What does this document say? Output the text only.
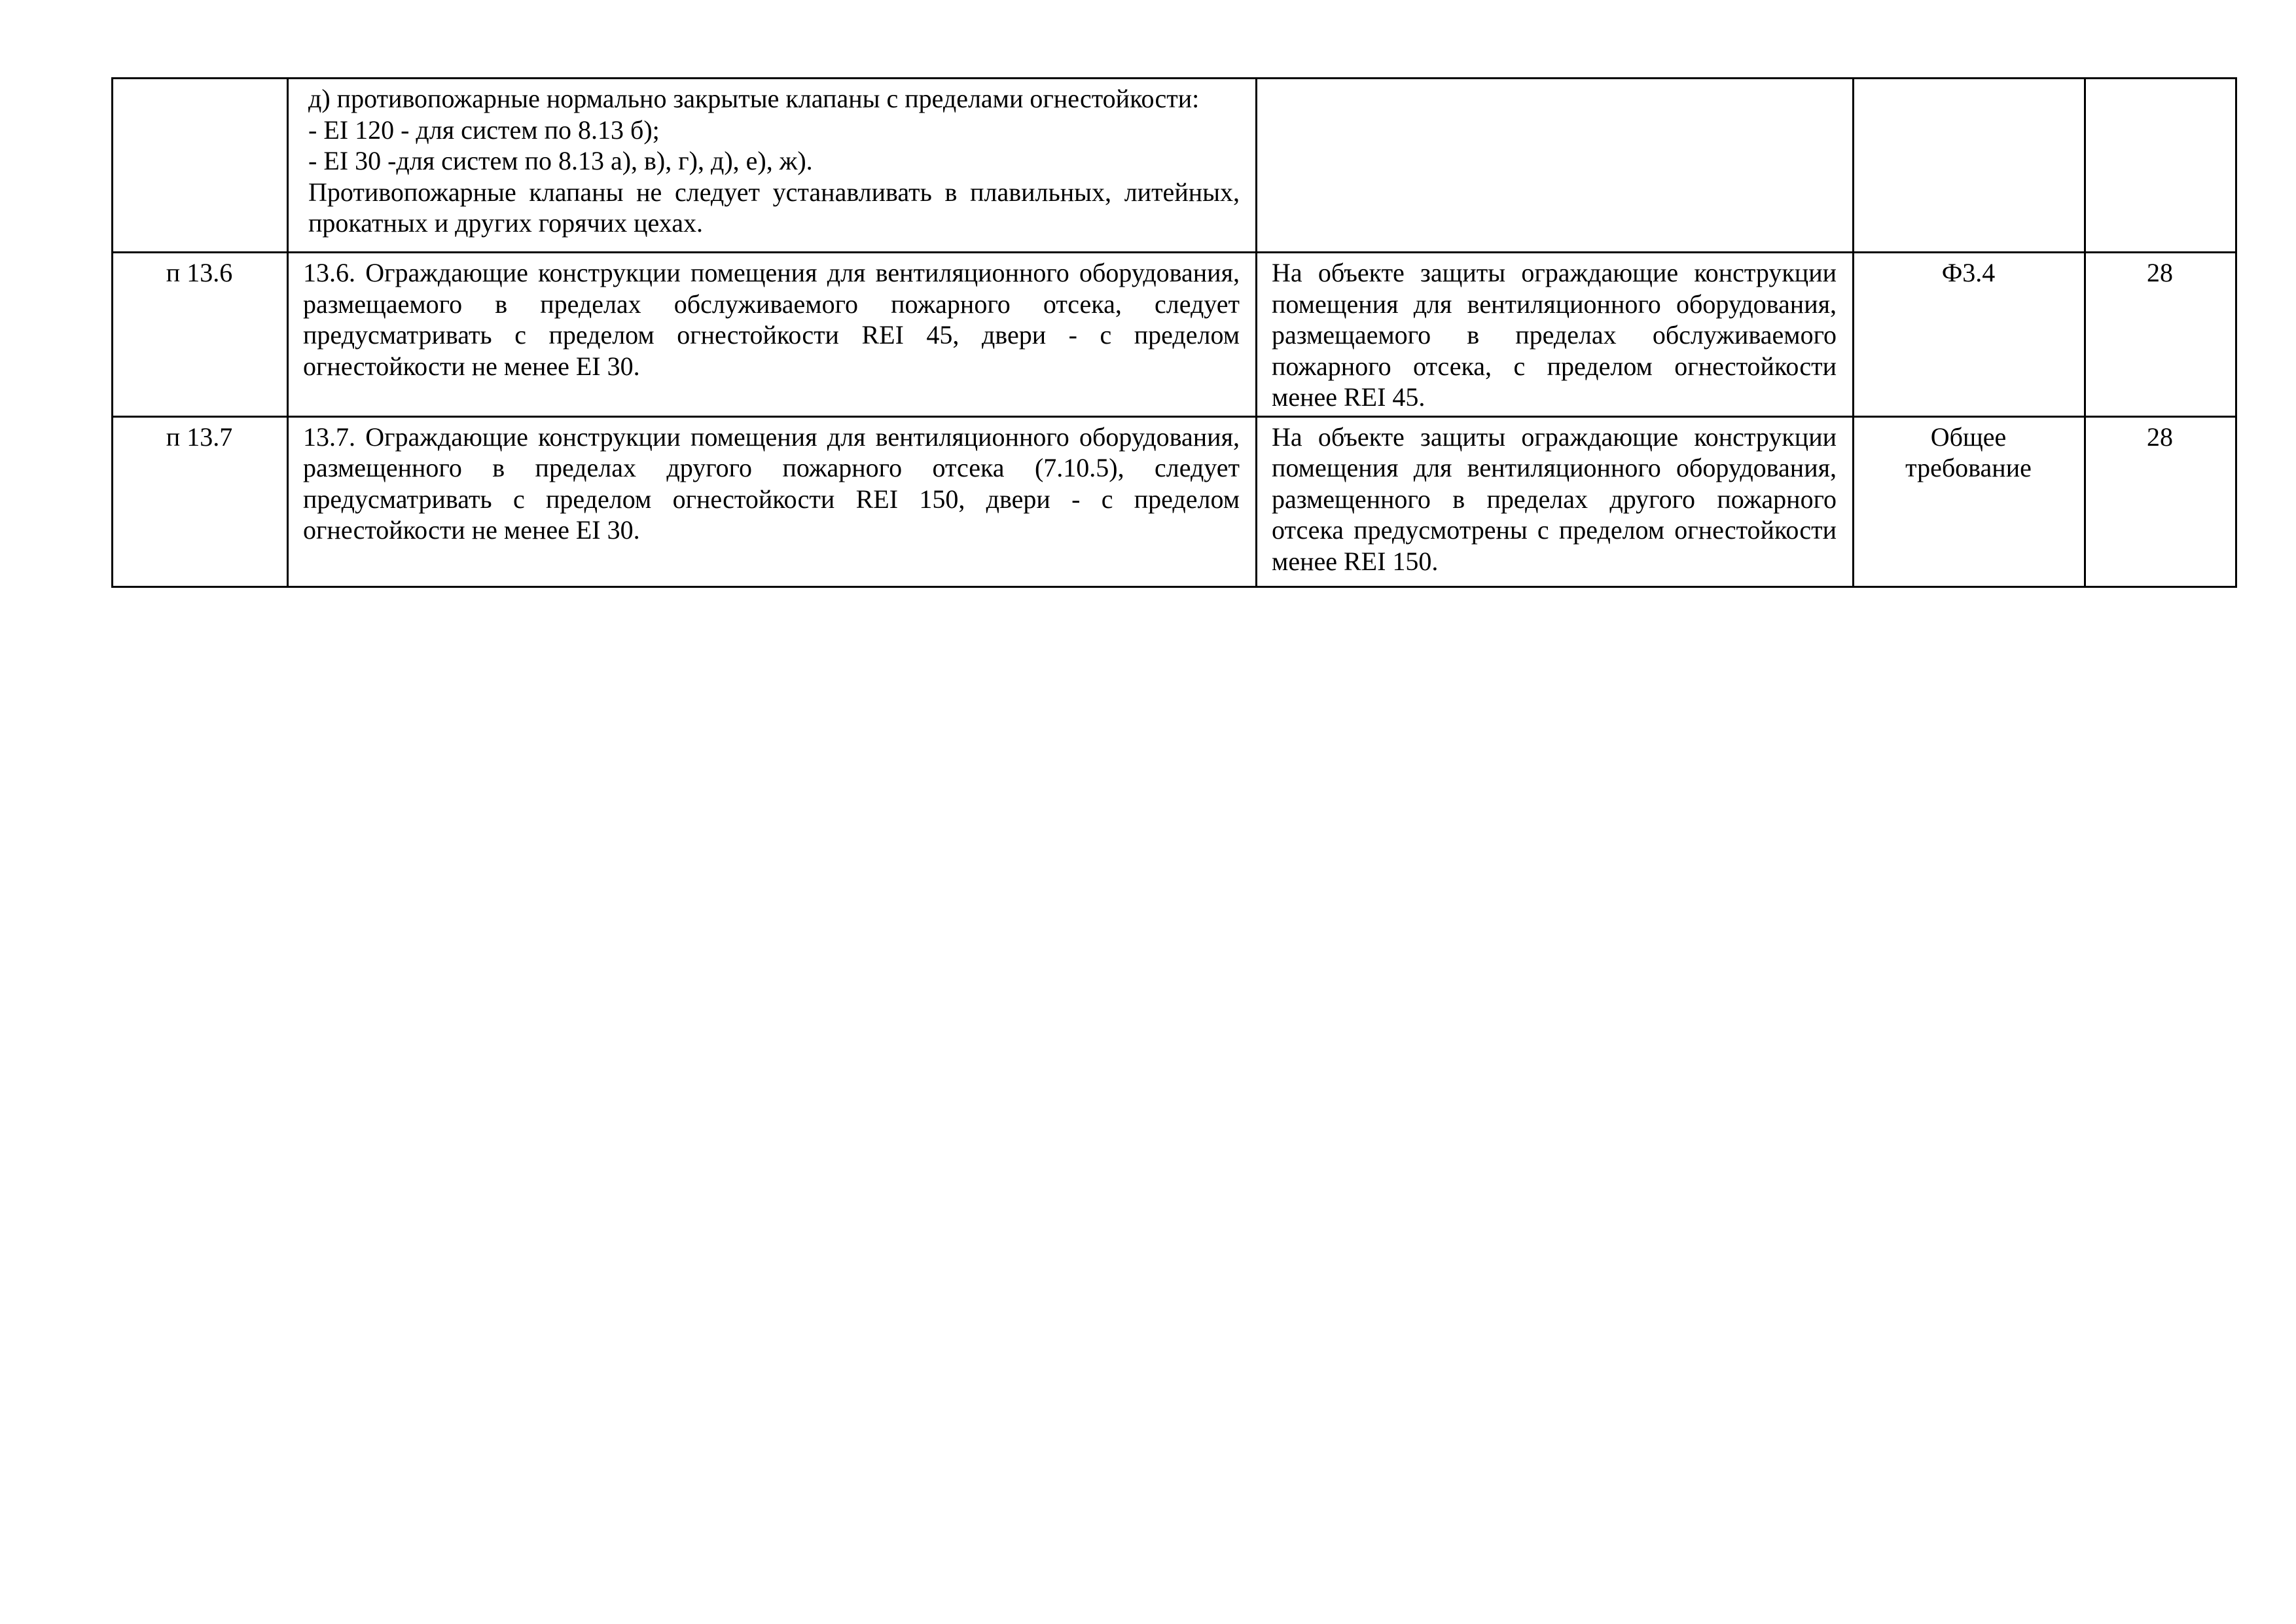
	д) противопожарные нормально закрытые клапаны с пределами огнестойкости:
- EI 120 - для систем по 8.13 б);
- EI 30 -для систем по 8.13 а), в), г), д), е), ж).
Противопожарные клапаны не следует устанавливать в плавильных, литейных, прокатных и других горячих цехах.			

п 13.6	13.6. Ограждающие конструкции помещения для вентиляционного оборудования, размещаемого в пределах обслуживаемого пожарного отсека, следует предусматривать с пределом огнестойкости REI 45, двери - с пределом огнестойкости не менее EI 30.	На объекте защиты ограждающие конструкции помещения для вентиляционного оборудования, размещаемого в пределах обслуживаемого пожарного отсека, с пределом огнестойкости менее REI 45.	Ф3.4	28
п 13.7	13.7. Ограждающие конструкции помещения для вентиляционного оборудования, размещенного в пределах другого пожарного отсека (7.10.5), следует предусматривать с пределом огнестойкости REI 150, двери - с пределом огнестойкости не менее EI 30.	На объекте защиты ограждающие конструкции помещения для вентиляционного оборудования, размещенного в пределах другого пожарного отсека предусмотрены с пределом огнестойкости менее REI 150.	Общее требование	28
